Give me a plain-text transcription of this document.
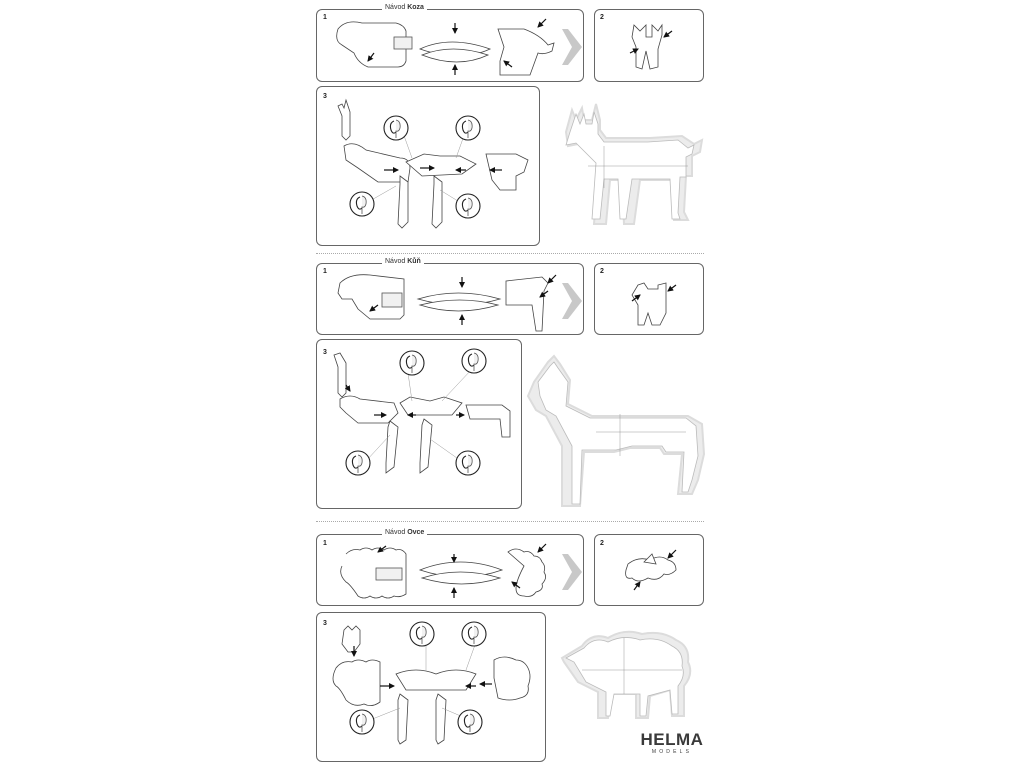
1
Návod Koza
2
3
1
Návod Kůň
2
3
1
Návod Ovce
2
3
HELMA
MODELS
